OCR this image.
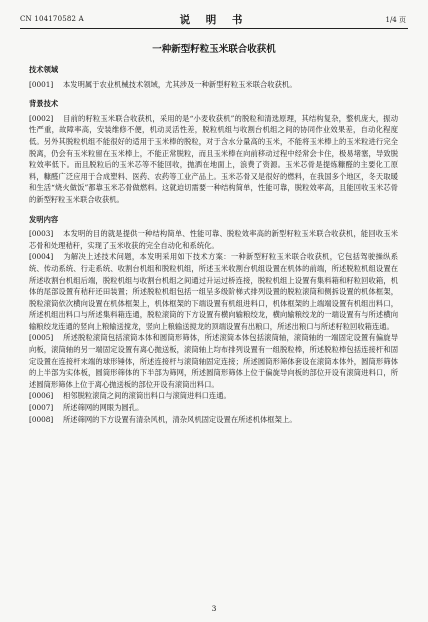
CN 104170582 A	说 明 书	1/4 页
一种新型籽粒玉米联合收获机
技术领域

[0001] 本发明属于农业机械技术领域，尤其涉及一种新型籽粒玉米联合收获机。

背景技术

[0002] 目前的籽粒玉米联合收获机，采用的是“小麦收获机”的脱粒和清选原理，其结构复杂，整机庞大，振动性严重，故障率高，安装维修不便，机动灵活性差，脱粒机组与收割台机组之间的协同作业效果差，自动化程度低。另外其脱粒机组不能很好的适用于玉米棒的脱粒，对于含水分量高的玉米，不能将玉米棒上的玉米粒进行完全脱离，仍会有玉米粒留在玉米棒上，不能正常脱粒，而且玉米棒在向前移动过程中经常会卡住，极易堵塞，导致脱粒效率低下。而且脱粒后的玉米芯等不能回收，抛洒在地面上，浪费了资源。玉米芯骨是提炼糠醛的主要化工原料，糠醛广泛应用于合成塑料、医药、农药等工业产品上。玉米芯骨又是很好的燃料，在我国多个地区，冬天取暖和生活“烧火做饭”都靠玉米芯骨做燃料。这就迫切需要一种结构简单，性能可靠，脱粒效率高，且能回收玉米芯骨的新型籽粒玉米联合收获机。

发明内容

[0003] 本发明的目的就是提供一种结构简单、性能可靠、脱粒效率高的新型籽粒玉米联合收获机，能回收玉米芯骨和处理秸秆，实现了玉米收获的完全自动化和系统化。

[0004] 为解决上述技术问题，本发明采用如下技术方案：一种新型籽粒玉米联合收获机，它包括驾驶操纵系统、传动系统、行走系统、收割台机组和脱粒机组，所述玉米收割台机组设置在机体的前端，所述脱粒机组设置在所述收割台机组后端，脱粒机组与收割台机组之间通过升运过桥连接，脱粒机组上设置有集料箱和籽粒回收箱，机体的尾部设置有秸秆还田装置；所述脱粒机组包括一组呈多级阶梯式排列设置的脱粒滚筒和侧拆设置的机体框架，脱粒滚筒依次横向设置在机体框架上，机体框架的下端设置有机组进料口，机体框架的上端端设置有机组出料口，所述机组出料口与所述集料箱连通，脱粒滚筒的下方设置有横向输粮绞龙，横向输粮绞龙的一端设置有与所述横向输粮绞龙连通的竖向上粮输送搅龙，竖向上粮输送搅龙的顶端设置有出粮口，所述出粮口与所述籽粒回收箱连通。

[0005] 所述脱粒滚筒包括滚筒本体和圆筒形筛体，所述滚筒本体包括滚筒轴，滚筒轴的一端固定设置有偏旋导向板，滚筒轴的另一端固定设置有离心抛送板，滚筒轴上均布排列设置有一组脱粒棒，所述脱粒棒包括连接杆和固定设置在连接杆末端的球形锤体，所述连接杆与滚筒轴固定连接；所述圆筒形筛体套设在滚筒本体外，圆筒形筛体的上半部为实体板，圆筒形筛体的下半部为筛网，所述圆筒形筛体上位于偏旋导向板的部位开设有滚筒进料口，所述圆筒形筛体上位于离心抛送板的部位开设有滚筒出料口。

[0006] 相邻脱粒滚筒之间的滚筒出料口与滚筒进料口连通。

[0007] 所述筛网的网眼为圆孔。

[0008] 所述筛网的下方设置有清杂风机，清杂风机固定设置在所述机体框架上。

3
